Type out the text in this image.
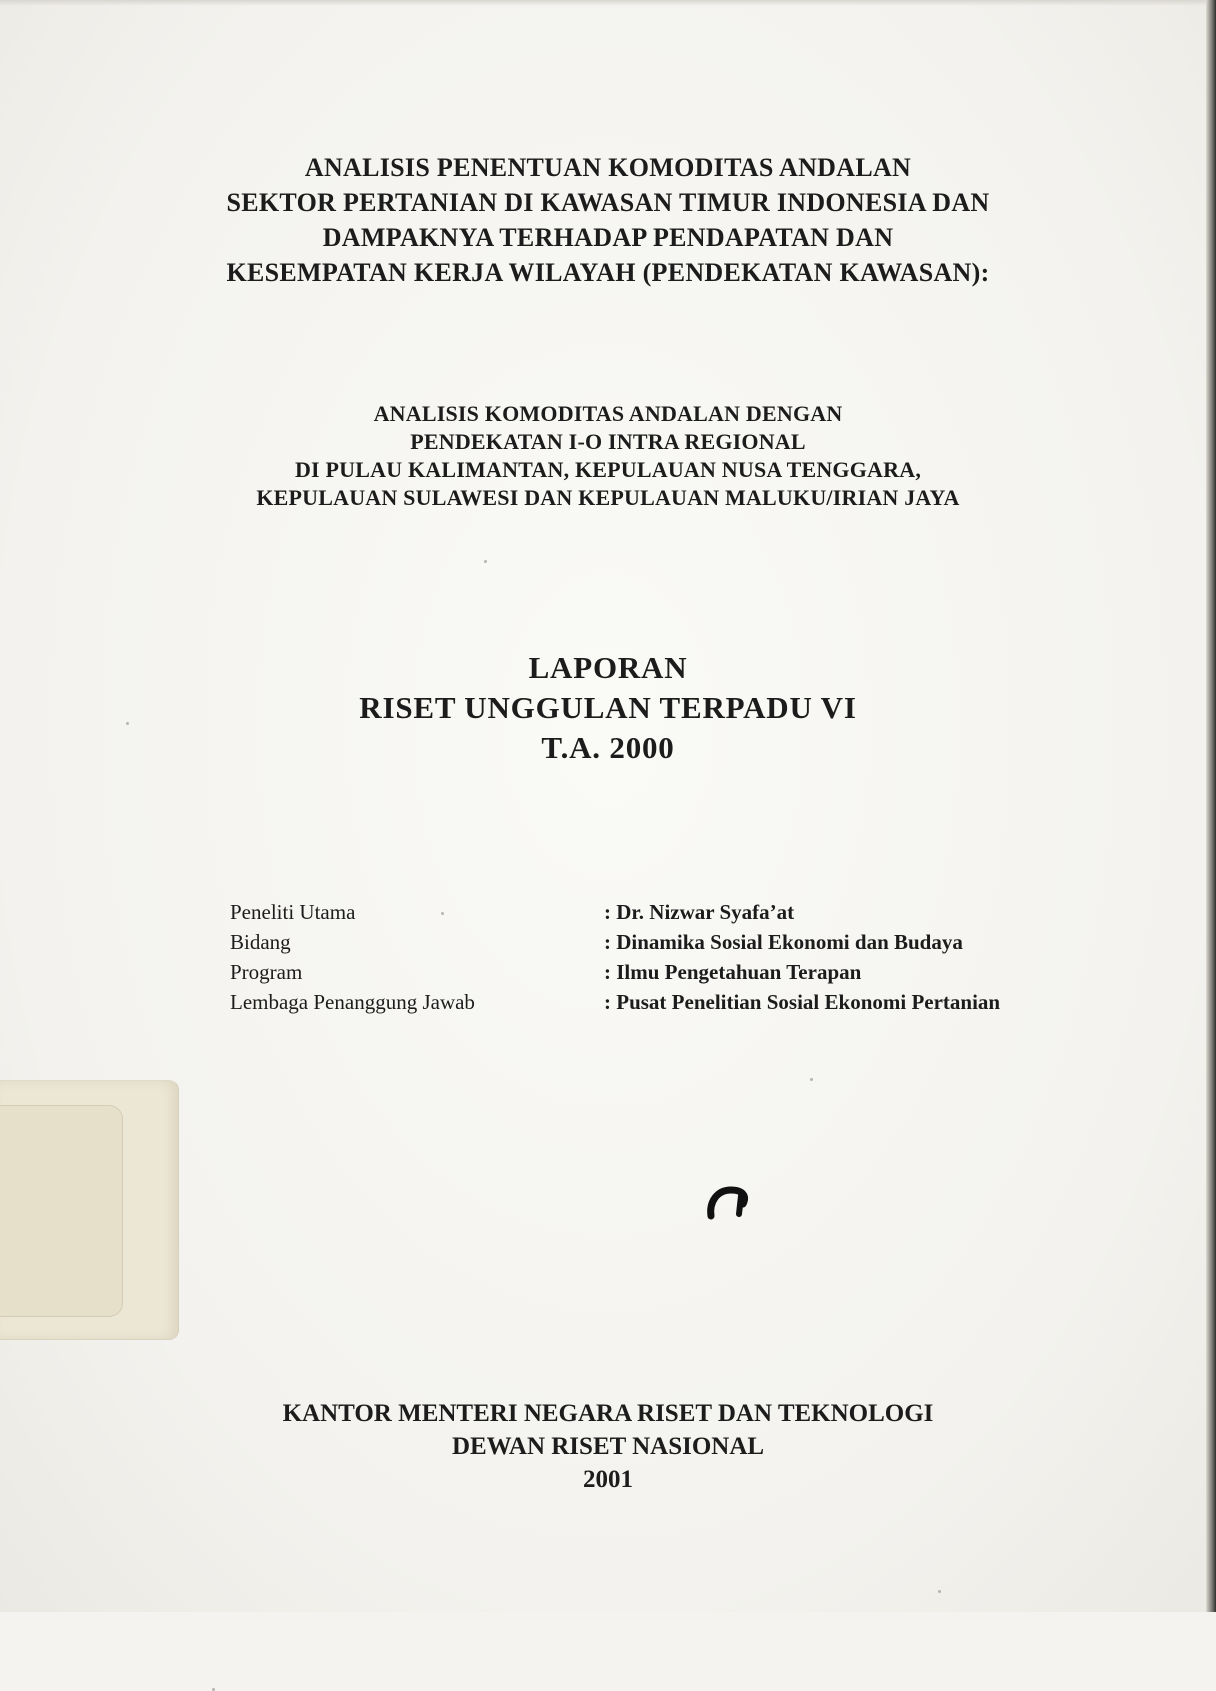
ANALISIS PENENTUAN KOMODITAS ANDALAN
SEKTOR PERTANIAN DI KAWASAN TIMUR INDONESIA DAN
DAMPAKNYA TERHADAP PENDAPATAN DAN
KESEMPATAN KERJA WILAYAH (PENDEKATAN KAWASAN):
ANALISIS KOMODITAS ANDALAN DENGAN
PENDEKATAN I-O INTRA REGIONAL
DI PULAU KALIMANTAN, KEPULAUAN NUSA TENGGARA,
KEPULAUAN SULAWESI DAN KEPULAUAN MALUKU/IRIAN JAYA
LAPORAN
RISET UNGGULAN TERPADU VI
T.A. 2000
Peneliti Utama	: Dr. Nizwar Syafa’at
Bidang	: Dinamika Sosial Ekonomi dan Budaya
Program	: Ilmu Pengetahuan Terapan
Lembaga Penanggung Jawab	: Pusat Penelitian Sosial Ekonomi Pertanian
KANTOR MENTERI NEGARA RISET DAN TEKNOLOGI
DEWAN RISET NASIONAL
2001
